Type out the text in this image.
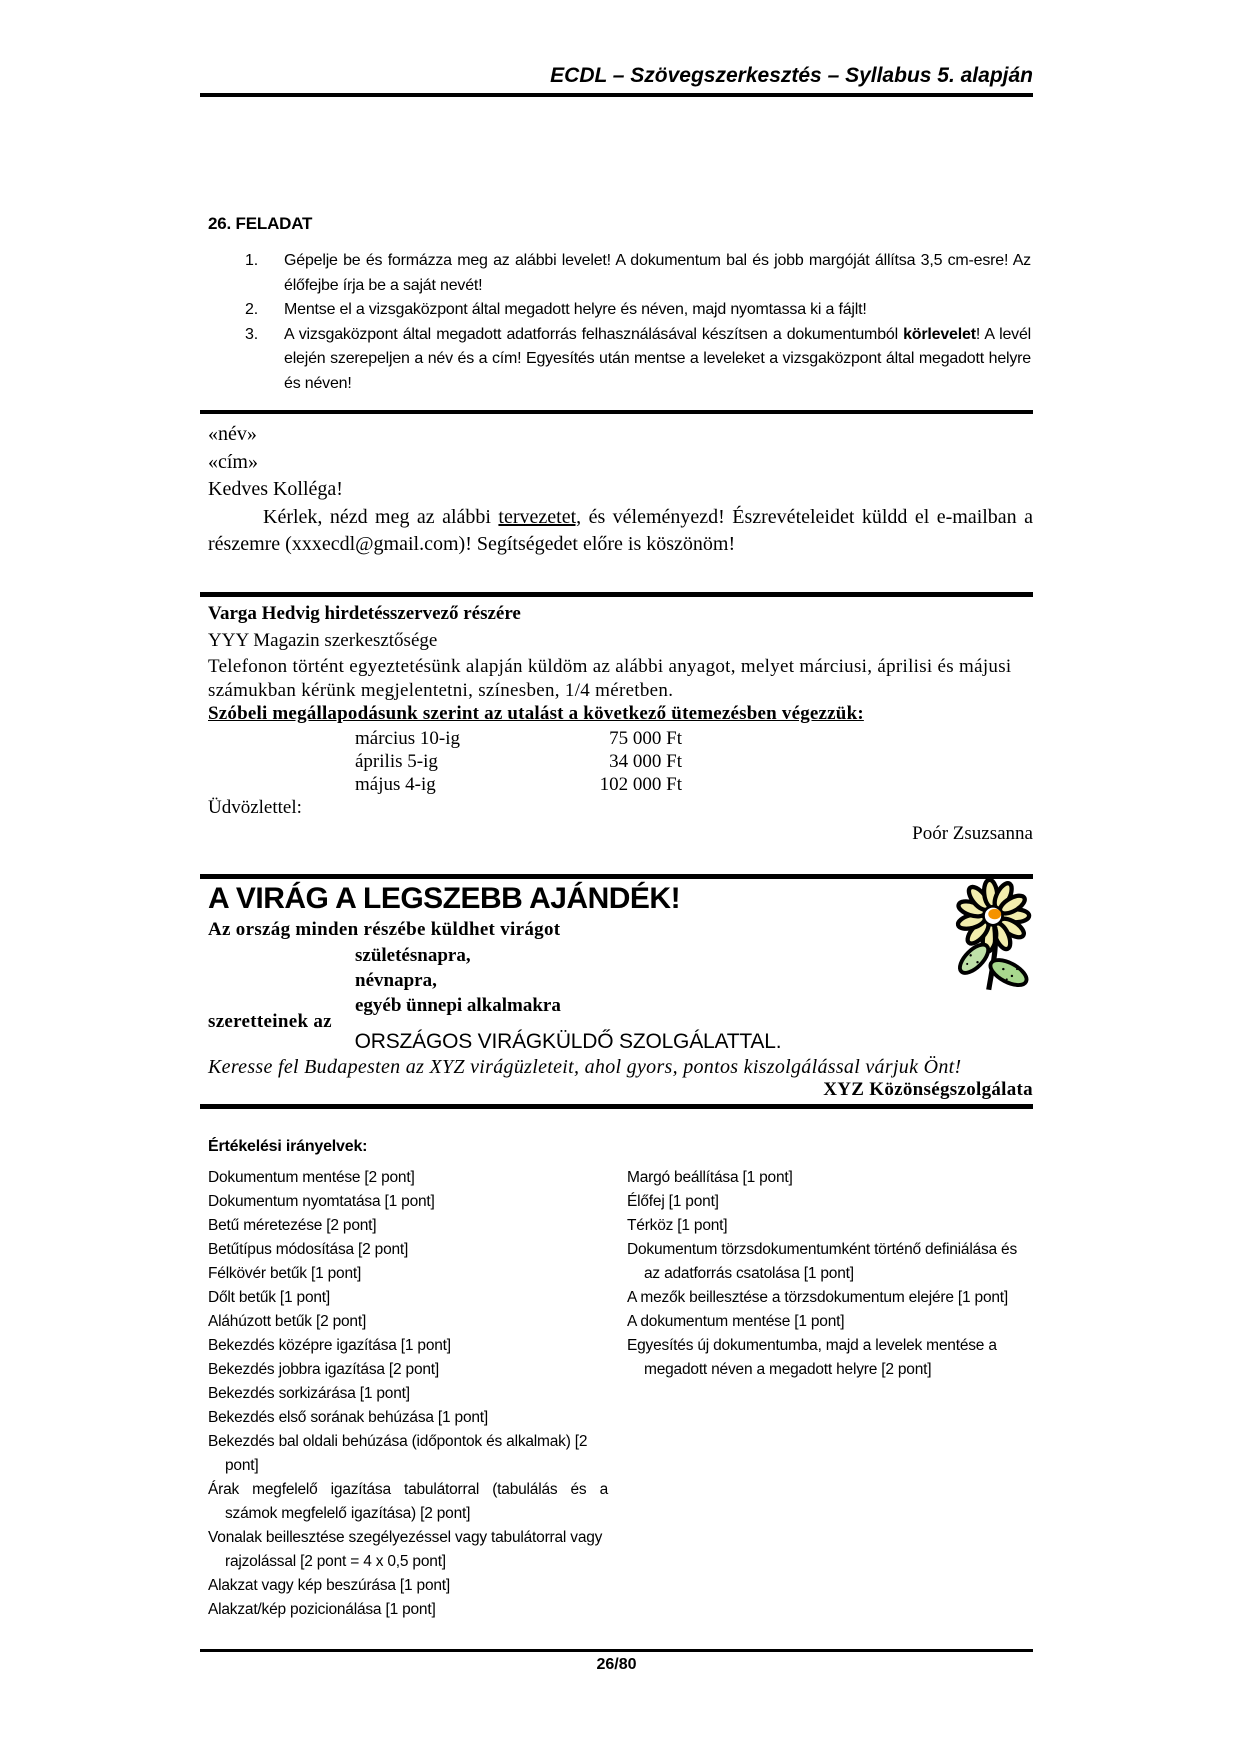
ECDL – Szövegszerkesztés – Syllabus 5. alapján
26. FELADAT
1. Gépelje be és formázza meg az alábbi levelet! A dokumentum bal és jobb margóját állítsa 3,5 cm-esre! Az élőfejbe írja be a saját nevét!
2. Mentse el a vizsgaközpont által megadott helyre és néven, majd nyomtassa ki a fájlt!
3. A vizsgaközpont által megadott adatforrás felhasználásával készítsen a dokumentumból körlevelet! A levél elején szerepeljen a név és a cím! Egyesítés után mentse a leveleket a vizsgaközpont által megadott helyre és néven!
«név»
«cím»
Kedves Kolléga!

Kérlek, nézd meg az alábbi tervezetet, és véleményezd! Észrevételeidet küldd el e-mailban a részemre (xxxecdl@gmail.com)! Segítségedet előre is köszönöm!

Varga Hedvig hirdetésszervező részére
YYY Magazin szerkesztősége
Telefonon történt egyeztetésünk alapján küldöm az alábbi anyagot, melyet márciusi, áprilisi és májusi számukban kérünk megjelentetni, színesben, 1/4 méretben.
Szóbeli megállapodásunk szerint az utalást a következő ütemezésben végezzük:
március 10-ig	75 000 Ft
április 5-ig	34 000 Ft
május 4-ig	102 000 Ft
Üdvözlettel:
Poór Zsuzsanna
A VIRÁG A LEGSZEBB AJÁNDÉK!
Az ország minden részébe küldhet virágot
születésnapra,
névnapra,
egyéb ünnepi alkalmakra
szeretteinek az
ORSZÁGOS VIRÁGKÜLDŐ SZOLGÁLATTAL.
Keresse fel Budapesten az XYZ virágüzleteit, ahol gyors, pontos kiszolgálással várjuk Önt!
XYZ Közönségszolgálata
Értékelési irányelvek:
Dokumentum mentése [2 pont]
Dokumentum nyomtatása [1 pont]
Betű méretezése [2 pont]
Betűtípus módosítása [2 pont]
Félkövér betűk [1 pont]
Dőlt betűk [1 pont]
Aláhúzott betűk [2 pont]
Bekezdés középre igazítása [1 pont]
Bekezdés jobbra igazítása [2 pont]
Bekezdés sorkizárása [1 pont]
Bekezdés első sorának behúzása [1 pont]
Bekezdés bal oldali behúzása (időpontok és alkalmak) [2 pont]
Árak megfelelő igazítása tabulátorral (tabulálás és a számok megfelelő igazítása) [2 pont]
Vonalak beillesztése szegélyezéssel vagy tabulátorral vagy rajzolással [2 pont = 4 x 0,5 pont]
Alakzat vagy kép beszúrása [1 pont]
Alakzat/kép pozicionálása [1 pont]
Margó beállítása [1 pont]
Élőfej [1 pont]
Térköz [1 pont]
Dokumentum törzsdokumentumként történő definiálása és az adatforrás csatolása [1 pont]
A mezők beillesztése a törzsdokumentum elejére [1 pont]
A dokumentum mentése [1 pont]
Egyesítés új dokumentumba, majd a levelek mentése a megadott néven a megadott helyre [2 pont]
26/80
